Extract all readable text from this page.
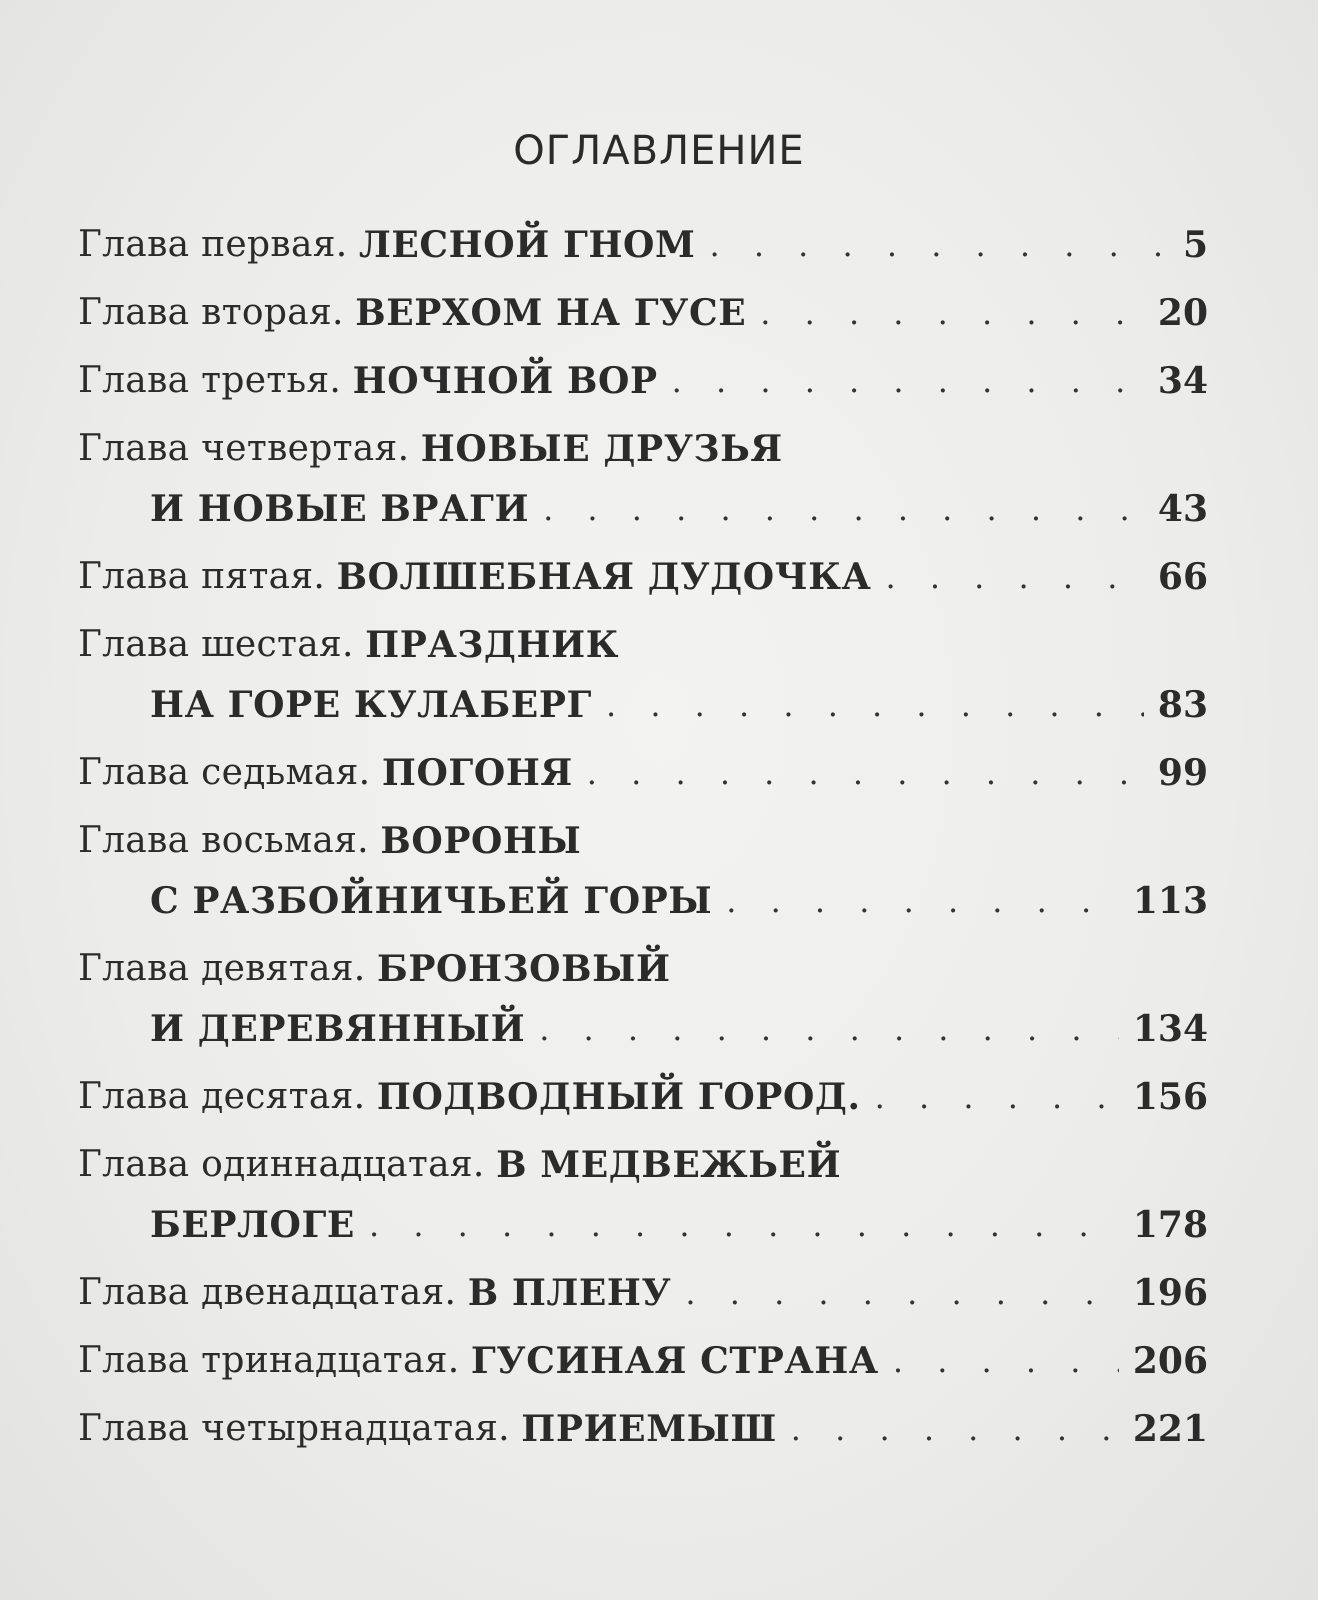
ОГЛАВЛЕНИЕ
Глава первая.
ЛЕСНОЙ ГНОМ . . .	5
Глава вторая.
ВЕРХОМ НА ГУСЕ . . .	20
Глава третья.
НОЧНОЙ ВОР . . .	34
Глава четвертая.
НОВЫЕ ДРУЗЬЯ
И НОВЫЕ ВРАГИ . . .	43
Глава пятая.
ВОЛШЕБНАЯ ДУДОЧКА . . .	66
Глава шестая.
ПРАЗДНИК
НА ГОРЕ КУЛАБЕРГ . . .	83
Глава седьмая.
ПОГОНЯ . . .	99
Глава восьмая.
ВОРОНЫ
С РАЗБОЙНИЧЬЕЙ ГОРЫ . . .	113
Глава девятая.
БРОНЗОВЫЙ
И ДЕРЕВЯННЫЙ . . .	134
Глава десятая.
ПОДВОДНЫЙ ГОРОД. . . .	156
Глава одиннадцатая.
В МЕДВЕЖЬЕЙ
БЕРЛОГЕ . . .	178
Глава двенадцатая.
В ПЛЕНУ . . .	196
Глава тринадцатая.
ГУСИНАЯ СТРАНА . . .	206
Глава четырнадцатая.
ПРИЕМЫШ . . .	221
